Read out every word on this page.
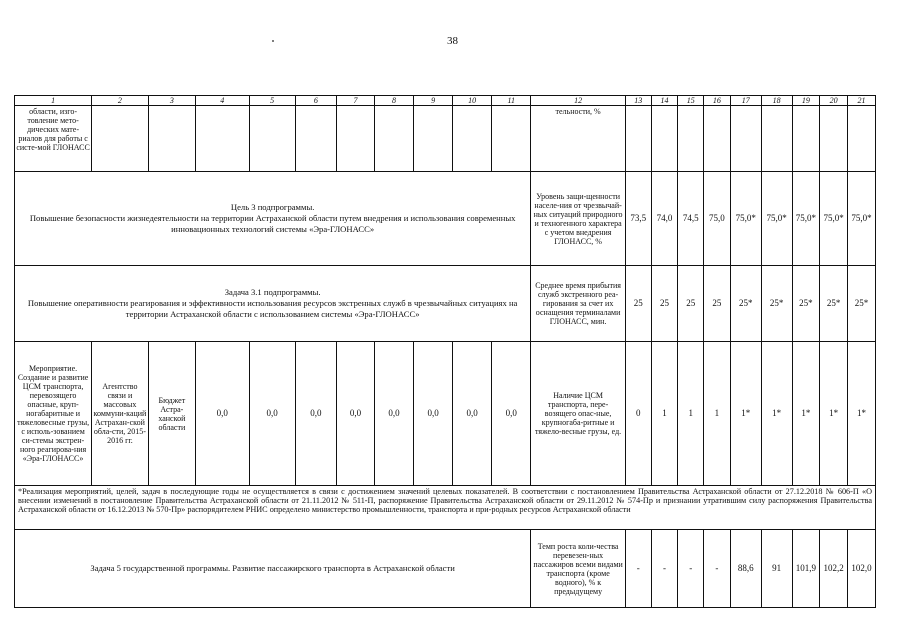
38
1	2	3	4	5	6	7	8	9	10	11	12	13	14	15	16	17	18	19	20	21
области, изго-товление мето-дических мате-риалов для работы с систе-мой ГЛОНАСС											тельности, %									

Цель 3 подпрограммы.
Повышение безопасности жизнедеятельности на территории Астраханской области путем внедрения и использования современных инновационных технологий системы «Эра-ГЛОНАСС»											Уровень защи-щенности населе-ния от чрезвычай-ных ситуаций природного и техногенного характера с учетом внедрения ГЛОНАСС, %	73,5	74,0	74,5	75,0	75,0*	75,0*	75,0*	75,0*	75,0*

Задача 3.1 подпрограммы.
Повышение оперативности реагирования и эффективности использования ресурсов экстренных служб в чрезвычайных ситуациях на территории Астраханской области с использованием системы «Эра-ГЛОНАСС»											Среднее время прибытия служб экстренного реа-гирования за счет их оснащения терминалами ГЛОНАСС, мин.	25	25	25	25	25*	25*	25*	25*	25*
Мероприятие. Создание и развитие ЦСМ транспорта, перевозящего опасные, круп-ногабаритные и тяжеловесные грузы, с исполь-зованием си-стемы экстрен-ного реагирова-ния «Эра-ГЛОНАСС»	Агентство связи и массовых коммуни-каций Астрахан-ской обла-сти, 2015-2016 гг.	Бюджет Астра-ханской области	0,0	0,0	0,0	0,0	0,0	0,0	0,0	0,0	Наличие ЦСМ транспорта, пере-возящего опас-ные, крупногаба-ритные и тяжело-весные грузы, ед.	0	1	1	1	1*	1*	1*	1*	1*
*Реализация мероприятий, целей, задач в последующие годы не осуществляется в связи с достижением значений целевых показателей. В соответствии с постановлением Правительства Астраханской области от 27.12.2018 № 606-П «О внесении изменений в постановление Правительства Астраханской области от 21.11.2012 № 511-П, распоряжение Правительства Астраханской области от 29.11.2012 № 574-Пр и признании утратившим силу распоряжения Правительства Астраханской области от 16.12.2013 № 570-Пр» распорядителем РНИС определено министерство промышленности, транспорта и при-родных ресурсов Астраханской области																				
Задача 5 государственной программы. Развитие пассажирского транспорта в Астраханской области											Темп роста коли-чества перевезен-ных пассажиров всеми видами транспорта (кроме водного), % к предыдущему	-	-	-	-	88,6	91	101,9	102,2	102,0
